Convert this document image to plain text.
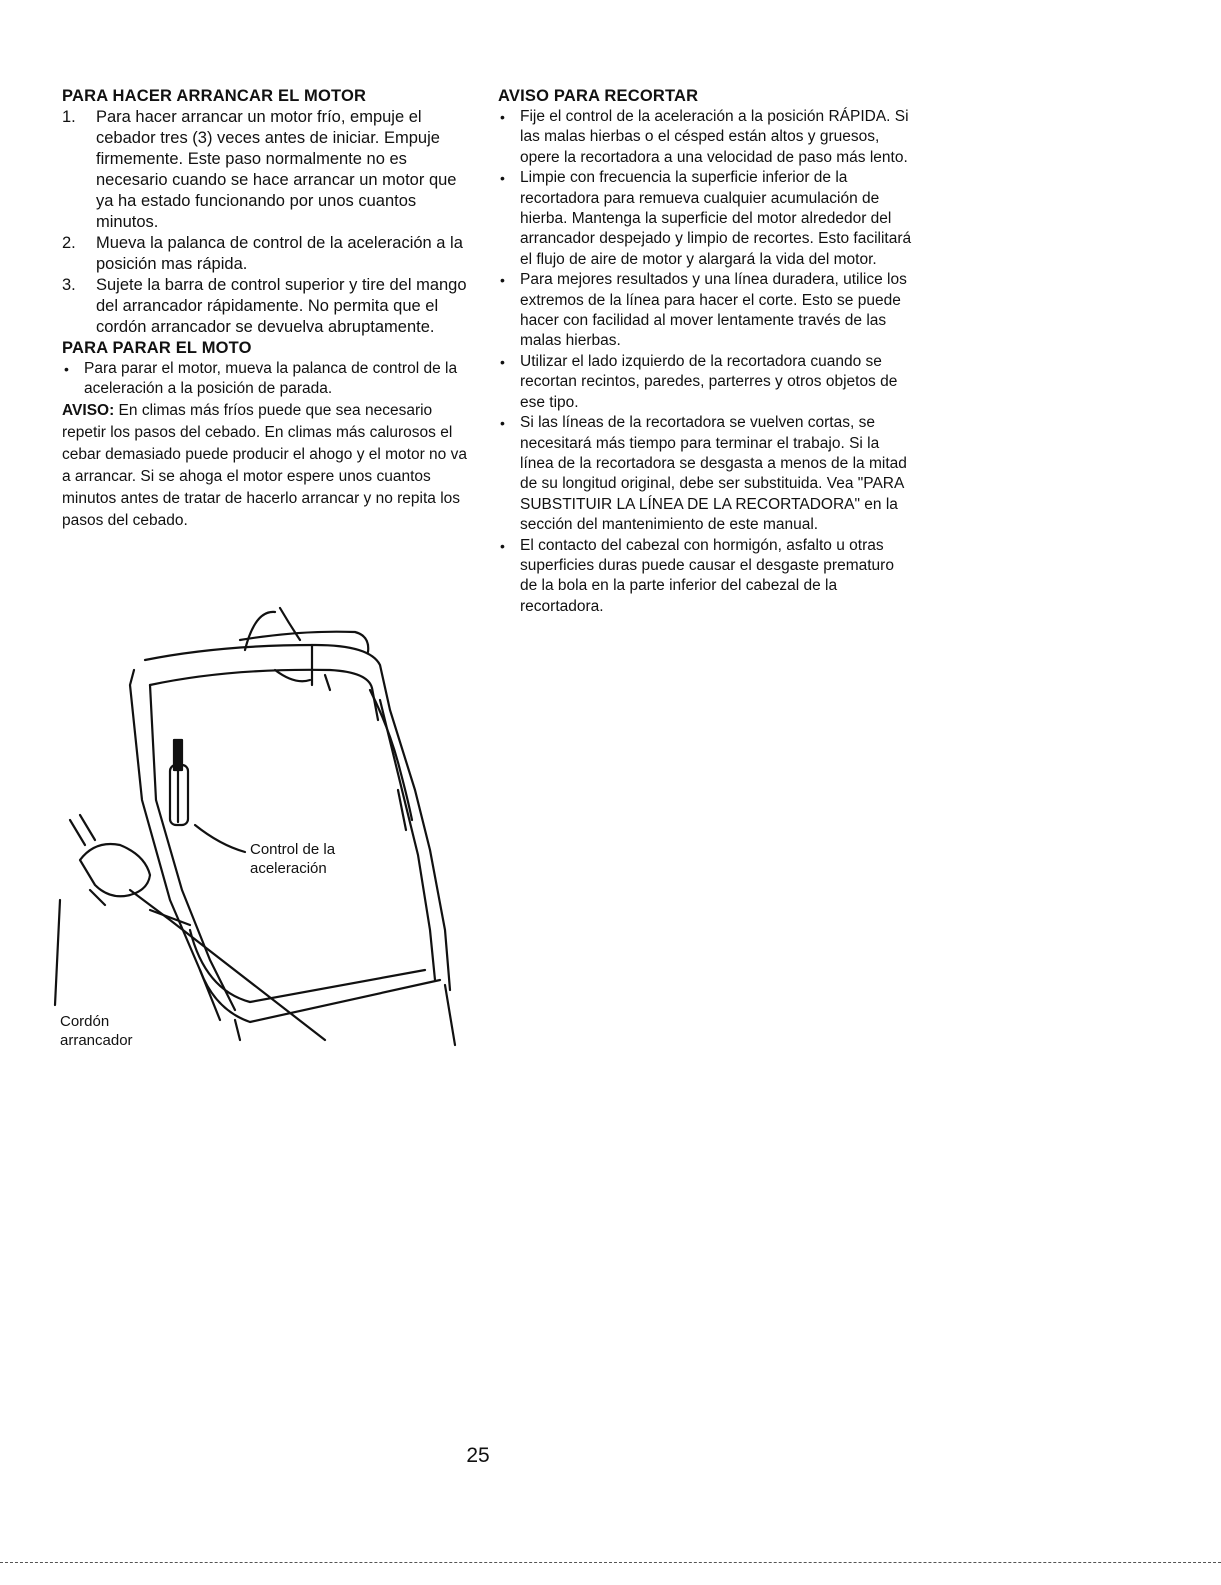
PARA HACER ARRANCAR EL MOTOR
1. Para hacer arrancar un motor frío, empuje el cebador tres (3) veces antes de iniciar. Empuje firmemente. Este paso normalmente no es necesario cuando se hace arrancar un motor que ya ha estado funcionando por unos cuantos minutos.
2. Mueva la palanca de control de la aceleración a la posición mas rápida.
3. Sujete la barra de control superior y tire del mango del arrancador rápidamente. No permita que el cordón arrancador se devuelva abruptamente.
PARA PARAR EL MOTO
• Para parar el motor, mueva la palanca de control de la aceleración a la posición de parada.

AVISO: En climas más fríos puede que sea necesario repetir los pasos del cebado. En climas más calurosos el cebar demasiado puede producir el ahogo y el motor no va a arrancar. Si se ahoga el motor espere unos cuantos minutos antes de tratar de hacerlo arrancar y no repita los pasos del cebado.

Control de la aceleración
Cordón arrancador
AVISO PARA RECORTAR
• Fije el control de la aceleración a la posición RÁPIDA. Si las malas hierbas o el césped están altos y gruesos, opere la recortadora a una velocidad de paso más lento.
• Limpie con frecuencia la superficie inferior de la recortadora para remueva cualquier acumulación de hierba. Mantenga la superficie del motor alrededor del arrancador despejado y limpio de recortes. Esto facilitará el flujo de aire de motor y alargará la vida del motor.
• Para mejores resultados y una línea duradera, utilice los extremos de la línea para hacer el corte. Esto se puede hacer con facilidad al mover lentamente través de las malas hierbas.
• Utilizar el lado izquierdo de la recortadora cuando se recortan recintos, paredes, parterres y otros objetos de ese tipo.
• Si las líneas de la recortadora se vuelven cortas, se necesitará más tiempo para terminar el trabajo. Si la línea de la recortadora se desgasta a menos de la mitad de su longitud original, debe ser substituida. Vea "PARA SUBSTITUIR LA LÍNEA DE LA RECORTADORA" en la sección del mantenimiento de este manual.
• El contacto del cabezal con hormigón, asfalto u otras superficies duras puede causar el desgaste prematuro de la bola en la parte inferior del cabezal de la recortadora.
25
